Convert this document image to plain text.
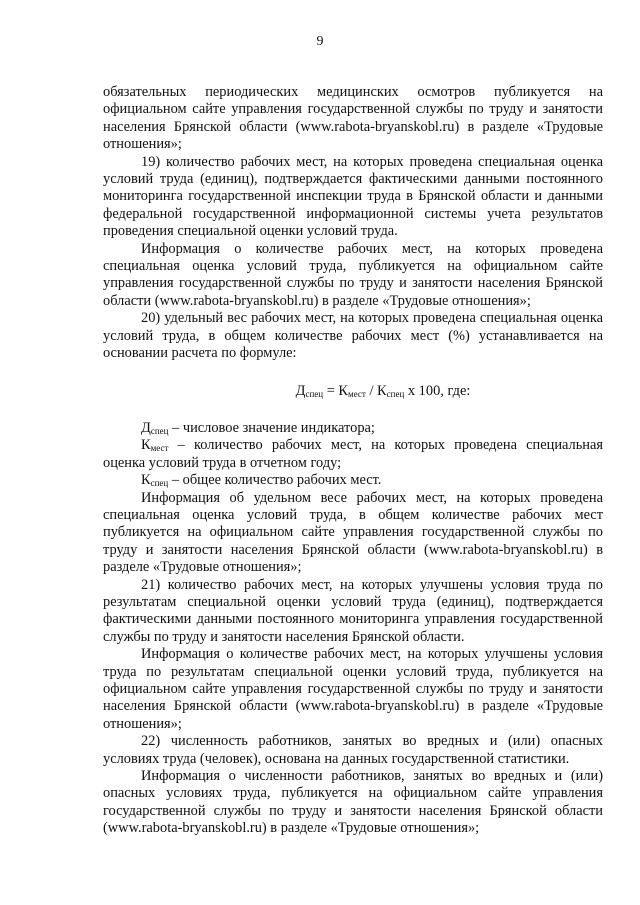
9

обязательных периодических медицинских осмотров публикуется на официальном сайте управления государственной службы по труду и занятости населения Брянской области (www.rabota-bryanskobl.ru) в разделе «Трудовые отношения»;

19) количество рабочих мест, на которых проведена специальная оценка условий труда (единиц), подтверждается фактическими данными постоянного мониторинга государственной инспекции труда в Брянской области и данными федеральной государственной информационной системы учета результатов проведения специальной оценки условий труда.

Информация о количестве рабочих мест, на которых проведена специальная оценка условий труда, публикуется на официальном сайте управления государственной службы по труду и занятости населения Брянской области (www.rabota-bryanskobl.ru) в разделе «Трудовые отношения»;

20) удельный вес рабочих мест, на которых проведена специальная оценка условий труда, в общем количестве рабочих мест (%) устанавливается на основании расчета по формуле:

$Д_{спец} = К_{мест} / К_{спец}$ х 100, где:

$Д_{спец}$ – числовое значение индикатора;

$К_{мест}$ – количество рабочих мест, на которых проведена специальная оценка условий труда в отчетном году;

$К_{спец}$ – общее количество рабочих мест.

Информация об удельном весе рабочих мест, на которых проведена специальная оценка условий труда, в общем количестве рабочих мест публикуется на официальном сайте управления государственной службы по труду и занятости населения Брянской области (www.rabota-bryanskobl.ru) в разделе «Трудовые отношения»;

21) количество рабочих мест, на которых улучшены условия труда по результатам специальной оценки условий труда (единиц), подтверждается фактическими данными постоянного мониторинга управления государственной службы по труду и занятости населения Брянской области.

Информация о количестве рабочих мест, на которых улучшены условия труда по результатам специальной оценки условий труда, публикуется на официальном сайте управления государственной службы по труду и занятости населения Брянской области (www.rabota-bryanskobl.ru) в разделе «Трудовые отношения»;

22) численность работников, занятых во вредных и (или) опасных условиях труда (человек), основана на данных государственной статистики.

Информация о численности работников, занятых во вредных и (или) опасных условиях труда, публикуется на официальном сайте управления государственной службы по труду и занятости населения Брянской области (www.rabota-bryanskobl.ru) в разделе «Трудовые отношения»;
